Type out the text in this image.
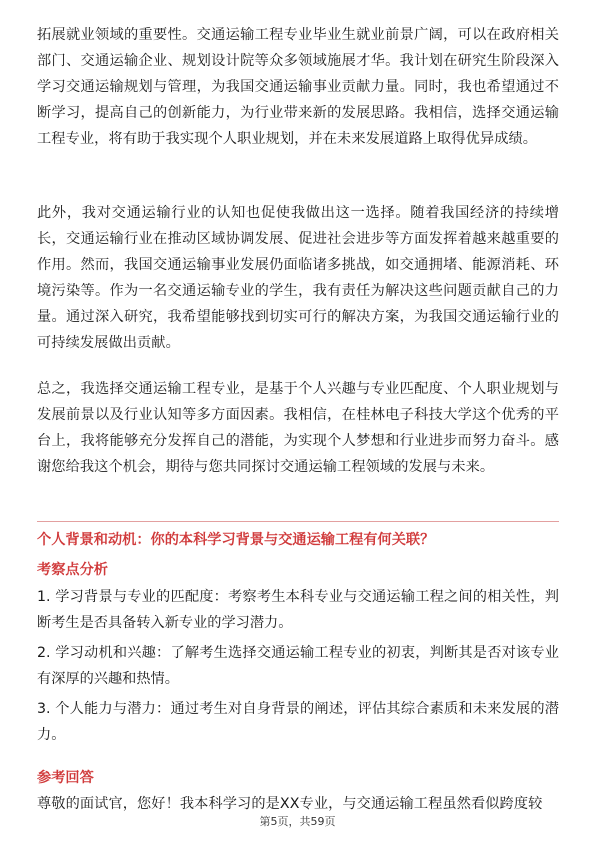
拓展就业领域的重要性。交通运输工程专业毕业生就业前景广阔，可以在政府相关部门、交通运输企业、规划设计院等众多领域施展才华。我计划在研究生阶段深入学习交通运输规划与管理，为我国交通运输事业贡献力量。同时，我也希望通过不断学习，提高自己的创新能力，为行业带来新的发展思路。我相信，选择交通运输工程专业，将有助于我实现个人职业规划，并在未来发展道路上取得优异成绩。

此外，我对交通运输行业的认知也促使我做出这一选择。随着我国经济的持续增长，交通运输行业在推动区域协调发展、促进社会进步等方面发挥着越来越重要的作用。然而，我国交通运输事业发展仍面临诸多挑战，如交通拥堵、能源消耗、环境污染等。作为一名交通运输专业的学生，我有责任为解决这些问题贡献自己的力量。通过深入研究，我希望能够找到切实可行的解决方案，为我国交通运输行业的可持续发展做出贡献。

总之，我选择交通运输工程专业，是基于个人兴趣与专业匹配度、个人职业规划与发展前景以及行业认知等多方面因素。我相信，在桂林电子科技大学这个优秀的平台上，我将能够充分发挥自己的潜能，为实现个人梦想和行业进步而努力奋斗。感谢您给我这个机会，期待与您共同探讨交通运输工程领域的发展与未来。

个人背景和动机：你的本科学习背景与交通运输工程有何关联？

考察点分析

1. 学习背景与专业的匹配度：考察考生本科专业与交通运输工程之间的相关性，判断考生是否具备转入新专业的学习潜力。
2. 学习动机和兴趣：了解考生选择交通运输工程专业的初衷，判断其是否对该专业有深厚的兴趣和热情。
3. 个人能力与潜力：通过考生对自身背景的阐述，评估其综合素质和未来发展的潜力。

参考回答

尊敬的面试官，您好！我本科学习的是XX专业，与交通运输工程虽然看似跨度较

第5页，共59页
